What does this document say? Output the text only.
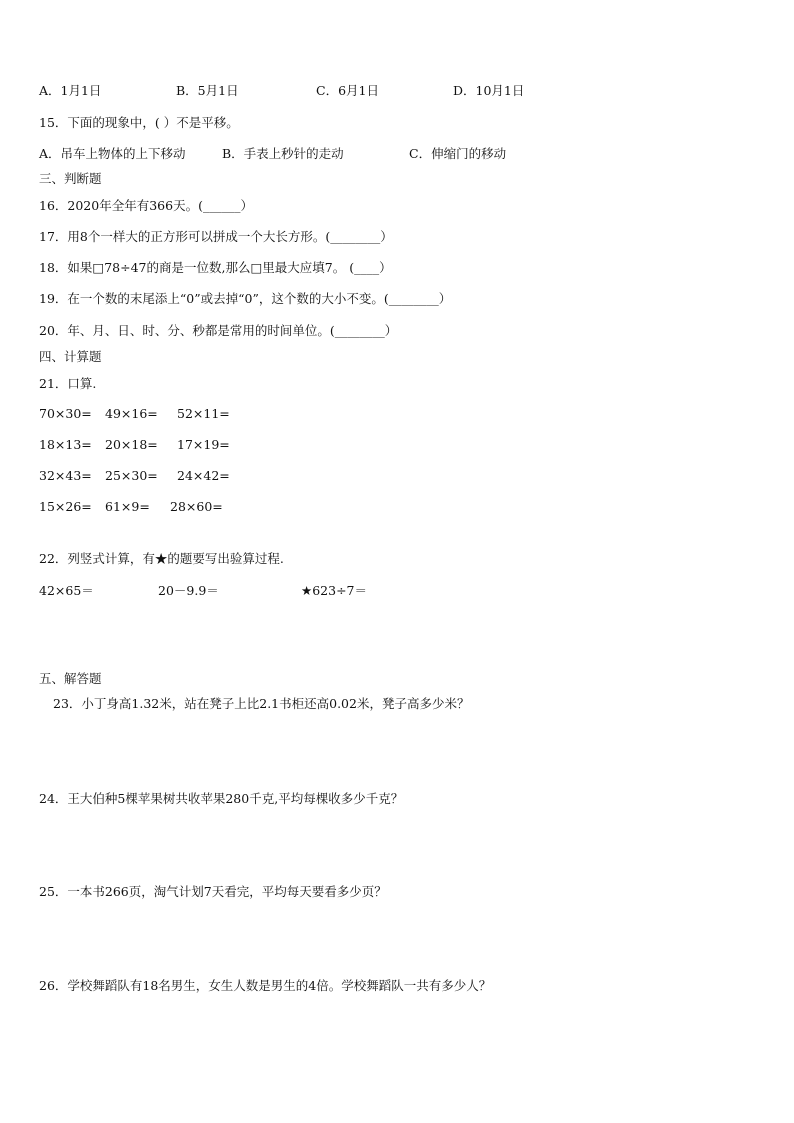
A．1月1日	B．5月1日	C．6月1日	D．10月1日
15．下面的现象中，( ）不是平移。
A．吊车上物体的上下移动	B．手表上秒针的走动	C．伸缩门的移动
三、判断题
16．2020年全年有366天。(______）
17．用8个一样大的正方形可以拼成一个大长方形。(________）
18．如果□78÷47的商是一位数,那么□里最大应填7。 (____）
19．在一个数的末尾添上“0”或去掉“0”，这个数的大小不变。(________）
20．年、月、日、时、分、秒都是常用的时间单位。(________）
四、计算题
21．口算.
70×30= 49×16= 52×11=
18×13= 20×18= 17×19=
32×43= 25×30= 24×42=
15×26= 61×9= 28×60=
22．列竖式计算，有★的题要写出验算过程.
42×65＝	20－9.9＝	★623÷7＝
五、解答题
23．小丁身高1.32米，站在凳子上比2.1书柜还高0.02米，凳子高多少米？
24．王大伯种5棵苹果树共收苹果280千克,平均每棵收多少千克？
25．一本书266页，淘气计划7天看完，平均每天要看多少页？
26．学校舞蹈队有18名男生，女生人数是男生的4倍。学校舞蹈队一共有多少人？
